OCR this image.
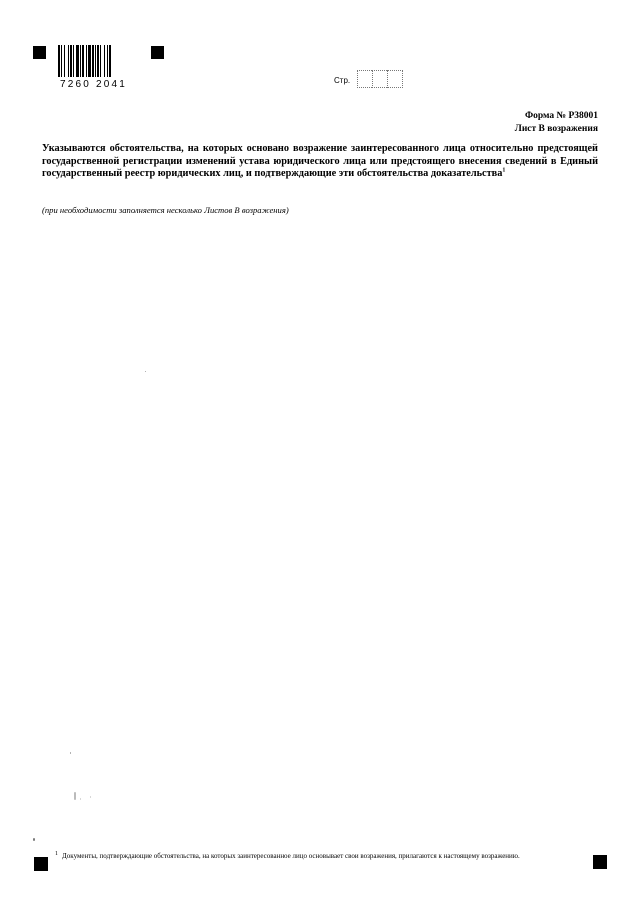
7260 2041	Стр.
Форма № Р38001
Лист В возражения
Указываются обстоятельства, на которых основано возражение заинтересованного лица относительно предстоящей государственной регистрации изменений устава юридического лица или предстоящего внесения сведений в Единый государственный реестр юридических лиц, и подтверждающие эти обстоятельства доказательства$^1$
(при необходимости заполняется несколько Листов В возражения)
1 Документы, подтверждающие обстоятельства, на которых заинтересованное лицо основывает свои возражения, прилагаются к настоящему возражению.
